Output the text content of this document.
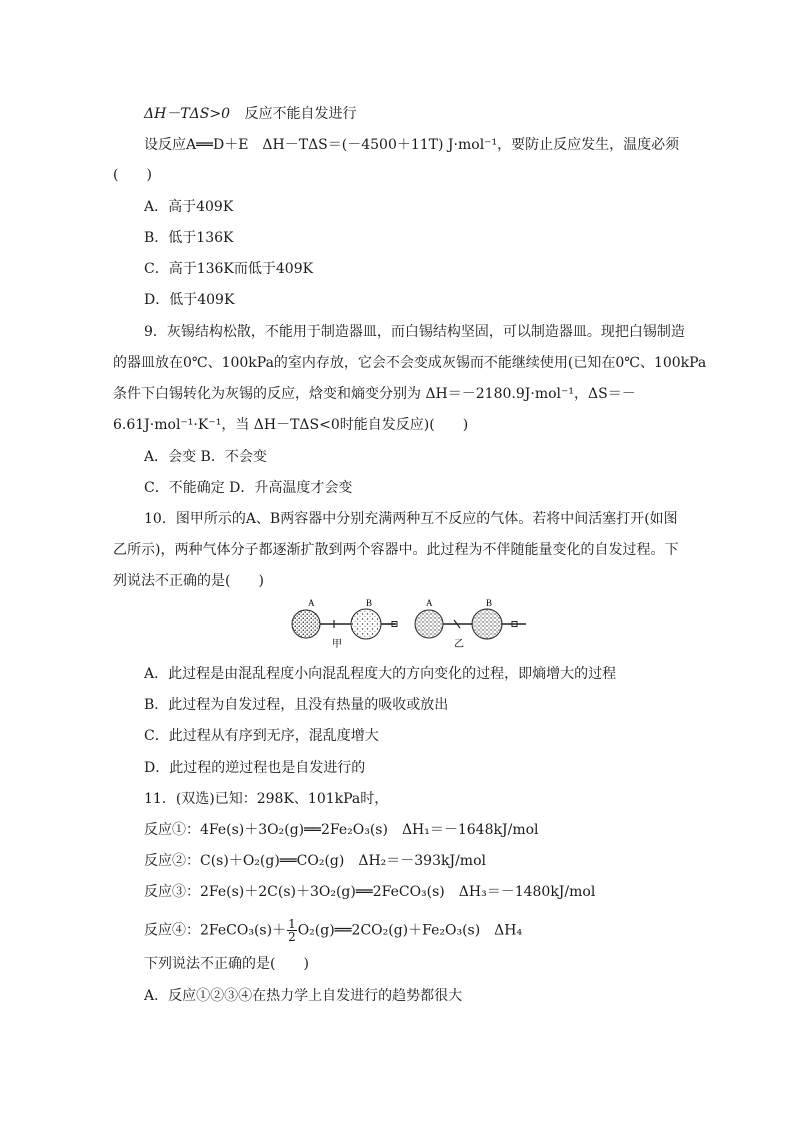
ΔH－TΔS>0 反应不能自发进行
设反应A══D＋E　ΔH－TΔS＝(－4500＋11T) J·mol⁻¹，要防止反应发生，温度必须
(　　)
A．高于409K
B．低于136K
C．高于136K而低于409K
D．低于409K
9．灰锡结构松散，不能用于制造器皿，而白锡结构坚固，可以制造器皿。现把白锡制造
的器皿放在0℃、100kPa的室内存放，它会不会变成灰锡而不能继续使用(已知在0℃、100kPa
条件下白锡转化为灰锡的反应，焓变和熵变分别为 ΔH＝－2180.9J·mol⁻¹，ΔS＝－
6.61J·mol⁻¹·K⁻¹，当 ΔH－TΔS<0时能自发反应)(　　)
A．会变 B．不会变
C．不能确定 D．升高温度才会变
10．图甲所示的A、B两容器中分别充满两种互不反应的气体。若将中间活塞打开(如图
乙所示)，两种气体分子都逐渐扩散到两个容器中。此过程为不伴随能量变化的自发过程。下
列说法不正确的是(　　)
A	B
甲
A	B
乙
A．此过程是由混乱程度小向混乱程度大的方向变化的过程，即熵增大的过程
B．此过程为自发过程，且没有热量的吸收或放出
C．此过程从有序到无序，混乱度增大
D．此过程的逆过程也是自发进行的
11．(双选)已知：298K、101kPa时，
反应①：4Fe(s)＋3O₂(g)══2Fe₂O₃(s)　ΔH₁＝－1648kJ/mol
反应②：C(s)＋O₂(g)══CO₂(g)　ΔH₂＝－393kJ/mol
反应③：2Fe(s)＋2C(s)＋3O₂(g)══2FeCO₃(s)　ΔH₃＝－1480kJ/mol
反应④：2FeCO₃(s)＋ $\frac{1}{2}$ O₂(g)══2CO₂(g)＋Fe₂O₃(s)　ΔH₄
下列说法不正确的是(　　)
A．反应①②③④在热力学上自发进行的趋势都很大
